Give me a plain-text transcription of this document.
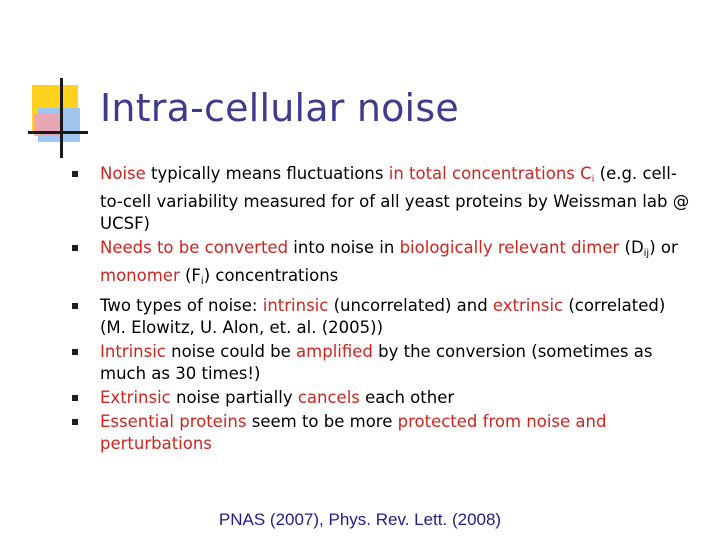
Intra-cellular noise
Noise typically means fluctuations in total concentrations $C_i$ (e.g. cell-to-cell variability measured for of all yeast proteins by Weissman lab @ UCSF)
Needs to be converted into noise in biologically relevant dimer $(D_{ij})$ or monomer $(F_i)$ concentrations
Two types of noise: intrinsic (uncorrelated) and extrinsic (correlated) (M. Elowitz, U. Alon, et. al. (2005))
Intrinsic noise could be amplified by the conversion (sometimes as much as 30 times!)
Extrinsic noise partially cancels each other
Essential proteins seem to be more protected from noise and perturbations
PNAS (2007), Phys. Rev. Lett. (2008)
